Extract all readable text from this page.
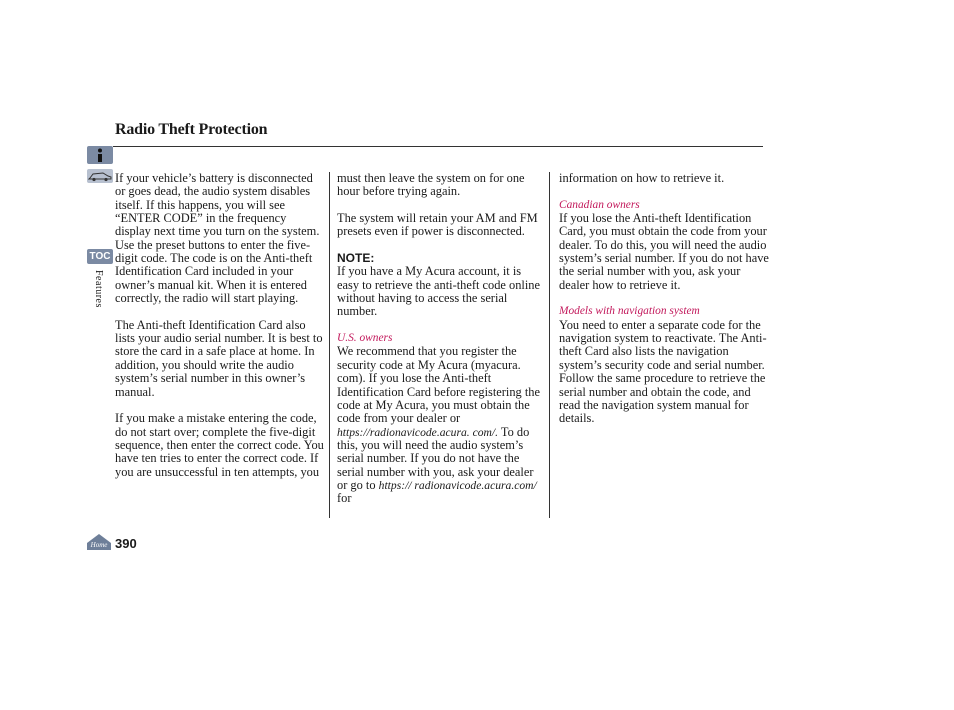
Radio Theft Protection
TOC
Features

If your vehicle’s battery is disconnected or goes dead, the audio system disables itself. If this happens, you will see “ENTER CODE” in the frequency display next time you turn on the system. Use the preset buttons to enter the five-digit code. The code is on the Anti-theft Identification Card included in your owner’s manual kit. When it is entered correctly, the radio will start playing.

The Anti-theft Identification Card also lists your audio serial number. It is best to store the card in a safe place at home. In addition, you should write the audio system’s serial number in this owner’s manual.

If you make a mistake entering the code, do not start over; complete the five-digit sequence, then enter the correct code. You have ten tries to enter the correct code. If you are unsuccessful in ten attempts, you

must then leave the system on for one hour before trying again.

The system will retain your AM and FM presets even if power is disconnected.

NOTE:

If you have a My Acura account, it is easy to retrieve the anti-theft code online without having to access the serial number.

U.S. owners

We recommend that you register the security code at My Acura (myacura. com). If you lose the Anti-theft Identification Card before registering the code at My Acura, you must obtain the code from your dealer or https://radionavicode.acura. com/. To do this, you will need the audio system’s serial number. If you do not have the serial number with you, ask your dealer or go to https:// radionavicode.acura.com/ for

information on how to retrieve it.

Canadian owners

If you lose the Anti-theft Identification Card, you must obtain the code from your dealer. To do this, you will need the audio system’s serial number. If you do not have the serial number with you, ask your dealer how to retrieve it.

Models with navigation system

You need to enter a separate code for the navigation system to reactivate. The Anti-theft Card also lists the navigation system’s security code and serial number. Follow the same procedure to retrieve the serial number and obtain the code, and read the navigation system manual for details.

Home 390
